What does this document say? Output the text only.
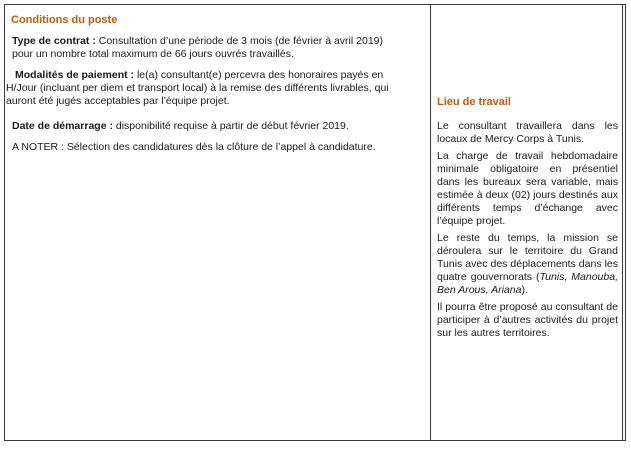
Conditions du poste
Type de contrat : Consultation d’une période de 3 mois (de février à avril 2019)
pour un nombre total maximum de 66 jours ouvrés travaillés.
Modalités de paiement : le(a) consultant(e) percevra des honoraires payés en
H/Jour (incluant per diem et transport local) à la remise des différents livrables, qui
auront été jugés acceptables par l’équipe projet.
Date de démarrage : disponibilité requise à partir de début février 2019.
A NOTER : Sélection des candidatures dès la clôture de l’appel à candidature.
Lieu de travail
Le consultant travaillera dans les locaux de Mercy Corps à Tunis.
La charge de travail hebdomadaire minimale obligatoire en présentiel dans les bureaux sera variable, mais estimée à deux (02) jours destinés aux différents temps d’échange avec l’équipe projet.
Le reste du temps, la mission se déroulera sur le territoire du Grand Tunis avec des déplacements dans les quatre gouvernorats (Tunis, Manouba, Ben Arous, Ariana).
Il pourra être proposé au consultant de participer à d’autres activités du projet sur les autres territoires.
